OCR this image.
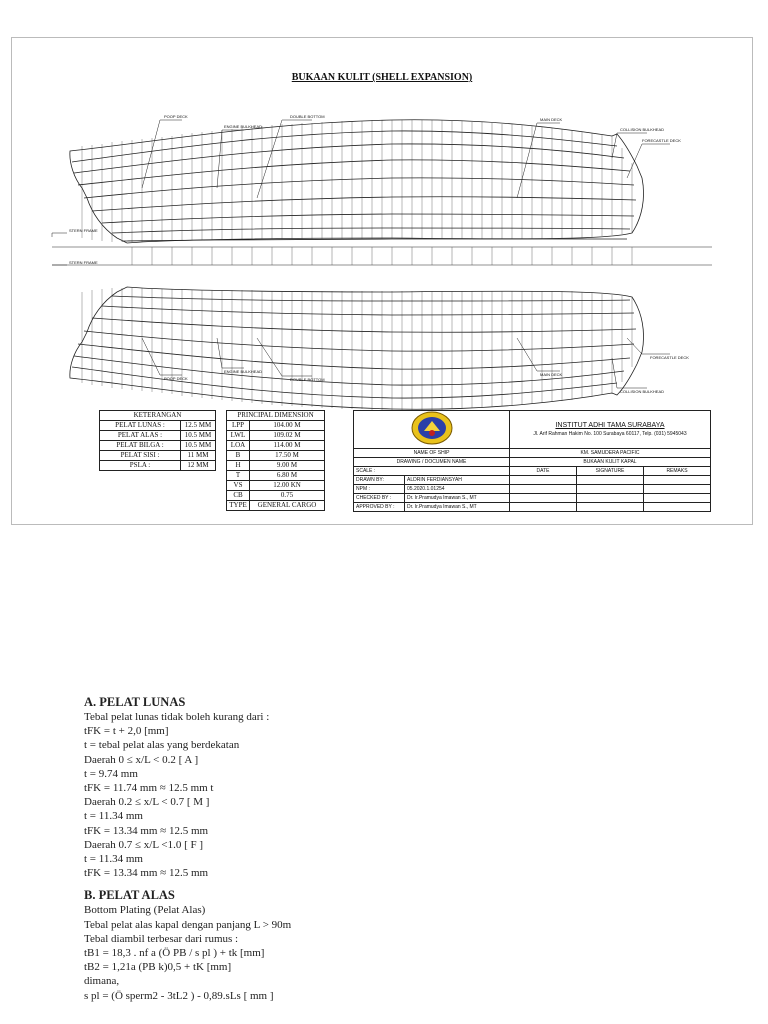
BUKAAN KULIT (SHELL EXPANSION)
POOP DECK
ENGINE BULKHEAD
DOUBLE BOTTOM
MAIN DECK
COLLISION BULKHEAD
FORECASTLE DECK
STERN FRAME
STERN FRAME
POOP DECK
ENGINE BULKHEAD
DOUBLE BOTTOM
MAIN DECK
COLLISION BULKHEAD
FORECASTLE DECK
KETERANGAN	
PELAT LUNAS :	12.5 MM
PELAT ALAS :	10.5 MM
PELAT BILGA :	10.5 MM
PELAT SISI :	11 MM
PSLA :	12 MM
PRINCIPAL DIMENSION	
LPP	104.00 M
LWL	109.02 M
LOA	114.00 M
B	17.50 M
H	9.00 M
T	6.80 M
VS	12.00 KN
CB	0.75
TYPE	GENERAL CARGO

INSTITUT ADHI TAMA SURABAYA
Jl. Arif Rahman Hakim No. 100 Surabaya 60117, Telp. (031) 5945043		

NAME OF SHIP		KM. SAMUDERA PACIFIC		
DRAWING / DOCUMEN NAME		BUKAAN KULIT KAPAL		
SCALE :		DATE	SIGNATURE	REMAKS
DRAWN BY:	ALDRIN FERDIANSYAH			
NPM :	05.2020.1.01254			
CHECKED BY :	Dr. Ir.Pramudya Imawan S., MT			
APPROVED BY :	Dr. Ir.Pramudya Imawan S., MT			
A. PELAT LUNAS
Tebal pelat lunas tidak boleh kurang dari :
tFK = t + 2,0 [mm]
t = tebal pelat alas yang berdekatan
Daerah 0 ≤ x/L < 0.2 [ A ]
t = 9.74 mm
tFK = 11.74 mm ≈ 12.5 mm t
Daerah 0.2 ≤ x/L < 0.7 [ M ]
t = 11.34 mm
tFK = 13.34 mm ≈ 12.5 mm
Daerah 0.7 ≤ x/L <1.0 [ F ]
t = 11.34 mm
tFK = 13.34 mm ≈ 12.5 mm
B. PELAT ALAS
Bottom Plating (Pelat Alas)
Tebal pelat alas kapal dengan panjang L > 90m
Tebal diambil terbesar dari rumus :
tB1 = 18,3 . nf a (Ö PB / s pl ) + tk [mm]
tB2 = 1,21a (PB k)0,5 + tK [mm]
dimana,
s pl = (Ö sperm2 - 3tL2 ) - 0,89.sLs [ mm ]
